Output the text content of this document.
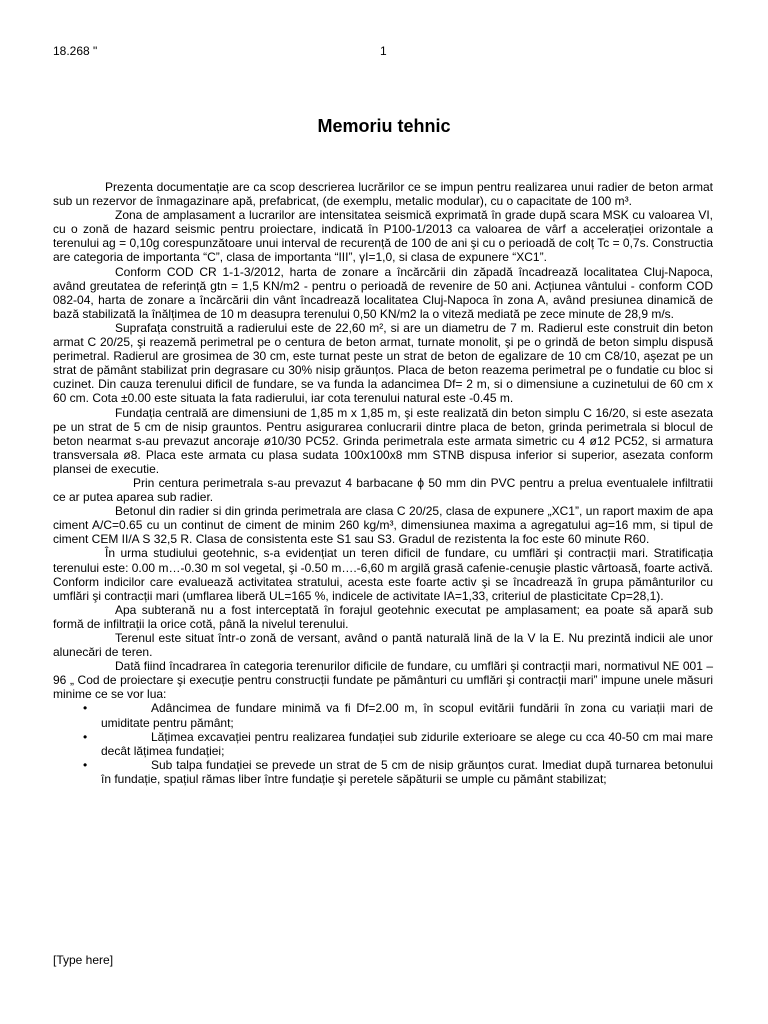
18.268 "	1
Memoriu tehnic

Prezenta documentație are ca scop descrierea lucrărilor ce se impun pentru realizarea unui radier de beton armat sub un rezervor de înmagazinare apă, prefabricat, (de exemplu, metalic modular), cu o capacitate de 100 m³.

Zona de amplasament a lucrarilor are intensitatea seismică exprimată în grade după scara MSK cu valoarea VI, cu o zonă de hazard seismic pentru proiectare, indicată în P100-1/2013 ca valoarea de vârf a accelerației orizontale a terenului ag = 0,10g corespunzătoare unui interval de recurență de 100 de ani şi cu o perioadă de colț Tc = 0,7s. Constructia are categoria de importanta “C”, clasa de importanta “III”, γI=1,0, si clasa de expunere “XC1”.

Conform COD CR 1-1-3/2012, harta de zonare a încărcării din zăpadă încadrează localitatea Cluj-Napoca, având greutatea de referință gtn = 1,5 KN/m2 - pentru o perioadă de revenire de 50 ani. Acțiunea vântului - conform COD 082-04, harta de zonare a încărcării din vânt încadrează localitatea Cluj-Napoca în zona A, având presiunea dinamică de bază stabilizată la înălțimea de 10 m deasupra terenului 0,50 KN/m2 la o viteză mediată pe zece minute de 28,9 m/s.

Suprafața construită a radierului este de 22,60 m², si are un diametru de 7 m. Radierul este construit din beton armat C 20/25, şi reazemă perimetral pe o centura de beton armat, turnate monolit, şi pe o grindă de beton simplu dispusă perimetral. Radierul are grosimea de 30 cm, este turnat peste un strat de beton de egalizare de 10 cm C8/10, aşezat pe un strat de pământ stabilizat prin degrasare cu 30% nisip grăunțos. Placa de beton reazema perimetral pe o fundatie cu bloc si cuzinet. Din cauza terenului dificil de fundare, se va funda la adancimea Df= 2 m, si o dimensiune a cuzinetului de 60 cm x 60 cm. Cota ±0.00 este situata la fata radierului, iar cota terenului natural este -0.45 m.

Fundația centrală are dimensiuni de 1,85 m x 1,85 m, şi este realizată din beton simplu C 16/20, si este asezata pe un strat de 5 cm de nisip grauntos. Pentru asigurarea conlucrarii dintre placa de beton, grinda perimetrala si blocul de beton nearmat s-au prevazut ancoraje ø10/30 PC52. Grinda perimetrala este armata simetric cu 4 ø12 PC52, si armatura transversala ø8. Placa este armata cu plasa sudata 100x100x8 mm STNB dispusa inferior si superior, asezata conform plansei de executie.

Prin centura perimetrala s-au prevazut 4 barbacane ϕ 50 mm din PVC pentru a prelua eventualele infiltratii ce ar putea aparea sub radier.

Betonul din radier si din grinda perimetrala are clasa C 20/25, clasa de expunere „XC1”, un raport maxim de apa ciment A/C=0.65 cu un continut de ciment de minim 260 kg/m³, dimensiunea maxima a agregatului ag=16 mm, si tipul de ciment CEM II/A S 32,5 R. Clasa de consistenta este S1 sau S3. Gradul de rezistenta la foc este 60 minute R60.

În urma studiului geotehnic, s-a evidențiat un teren dificil de fundare, cu umflări şi contracții mari. Stratificația terenului este: 0.00 m…-0.30 m sol vegetal, şi -0.50 m….-6,60 m argilă grasă cafenie-cenuşie plastic vârtoasă, foarte activă. Conform indicilor care evaluează activitatea stratului, acesta este foarte activ şi se încadrează în grupa pământurilor cu umflări şi contracții mari (umflarea liberă UL=165 %, indicele de activitate IA=1,33, criteriul de plasticitate Cp=28,1).

Apa subterană nu a fost interceptată în forajul geotehnic executat pe amplasament; ea poate să apară sub formă de infiltrații la orice cotă, până la nivelul terenului.

Terenul este situat într-o zonă de versant, având o pantă naturală lină de la V la E. Nu prezintă indicii ale unor alunecări de teren.

Dată fiind încadrarea în categoria terenurilor dificile de fundare, cu umflări şi contracții mari, normativul NE 001 – 96 „ Cod de proiectare şi execuție pentru construcții fundate pe pământuri cu umflări şi contracții mari” impune unele măsuri minime ce se vor lua:

•	Adâncimea de fundare minimă va fi Df=2.00 m, în scopul evitării fundării în zona cu variații mari de umiditate pentru pământ;
•	Lățimea excavației pentru realizarea fundației sub zidurile exterioare se alege cu cca 40-50 cm mai mare decât lățimea fundației;
•	Sub talpa fundației se prevede un strat de 5 cm de nisip grăunțos curat. Imediat după turnarea betonului în fundație, spațiul rămas liber între fundație şi peretele săpăturii se umple cu pământ stabilizat;
[Type here]
